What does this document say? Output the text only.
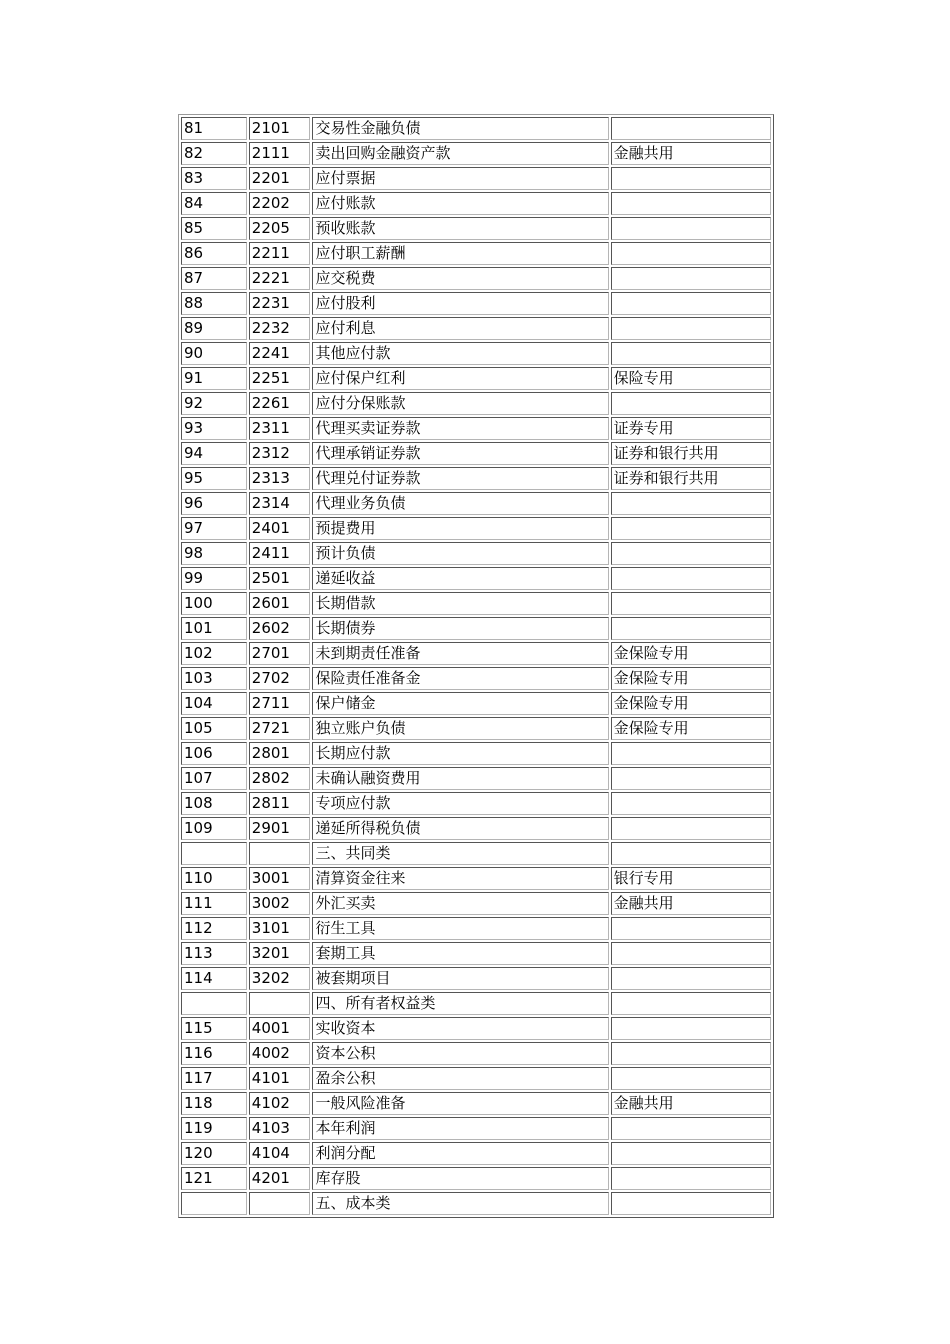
81	2101	交易性金融负债	
82	2111	卖出回购金融资产款	金融共用
83	2201	应付票据	
84	2202	应付账款	
85	2205	预收账款	
86	2211	应付职工薪酬	
87	2221	应交税费	
88	2231	应付股利	
89	2232	应付利息	
90	2241	其他应付款	
91	2251	应付保户红利	保险专用
92	2261	应付分保账款	
93	2311	代理买卖证券款	证券专用
94	2312	代理承销证券款	证券和银行共用
95	2313	代理兑付证券款	证券和银行共用
96	2314	代理业务负债	
97	2401	预提费用	
98	2411	预计负债	
99	2501	递延收益	
100	2601	长期借款	
101	2602	长期债券	
102	2701	未到期责任准备	金保险专用
103	2702	保险责任准备金	金保险专用
104	2711	保户储金	金保险专用
105	2721	独立账户负债	金保险专用
106	2801	长期应付款	
107	2802	未确认融资费用	
108	2811	专项应付款	
109	2901	递延所得税负债	
		三、共同类	
110	3001	清算资金往来	银行专用
111	3002	外汇买卖	金融共用
112	3101	衍生工具	
113	3201	套期工具	
114	3202	被套期项目	
		四、所有者权益类	
115	4001	实收资本	
116	4002	资本公积	
117	4101	盈余公积	
118	4102	一般风险准备	金融共用
119	4103	本年利润	
120	4104	利润分配	
121	4201	库存股	
		五、成本类	
